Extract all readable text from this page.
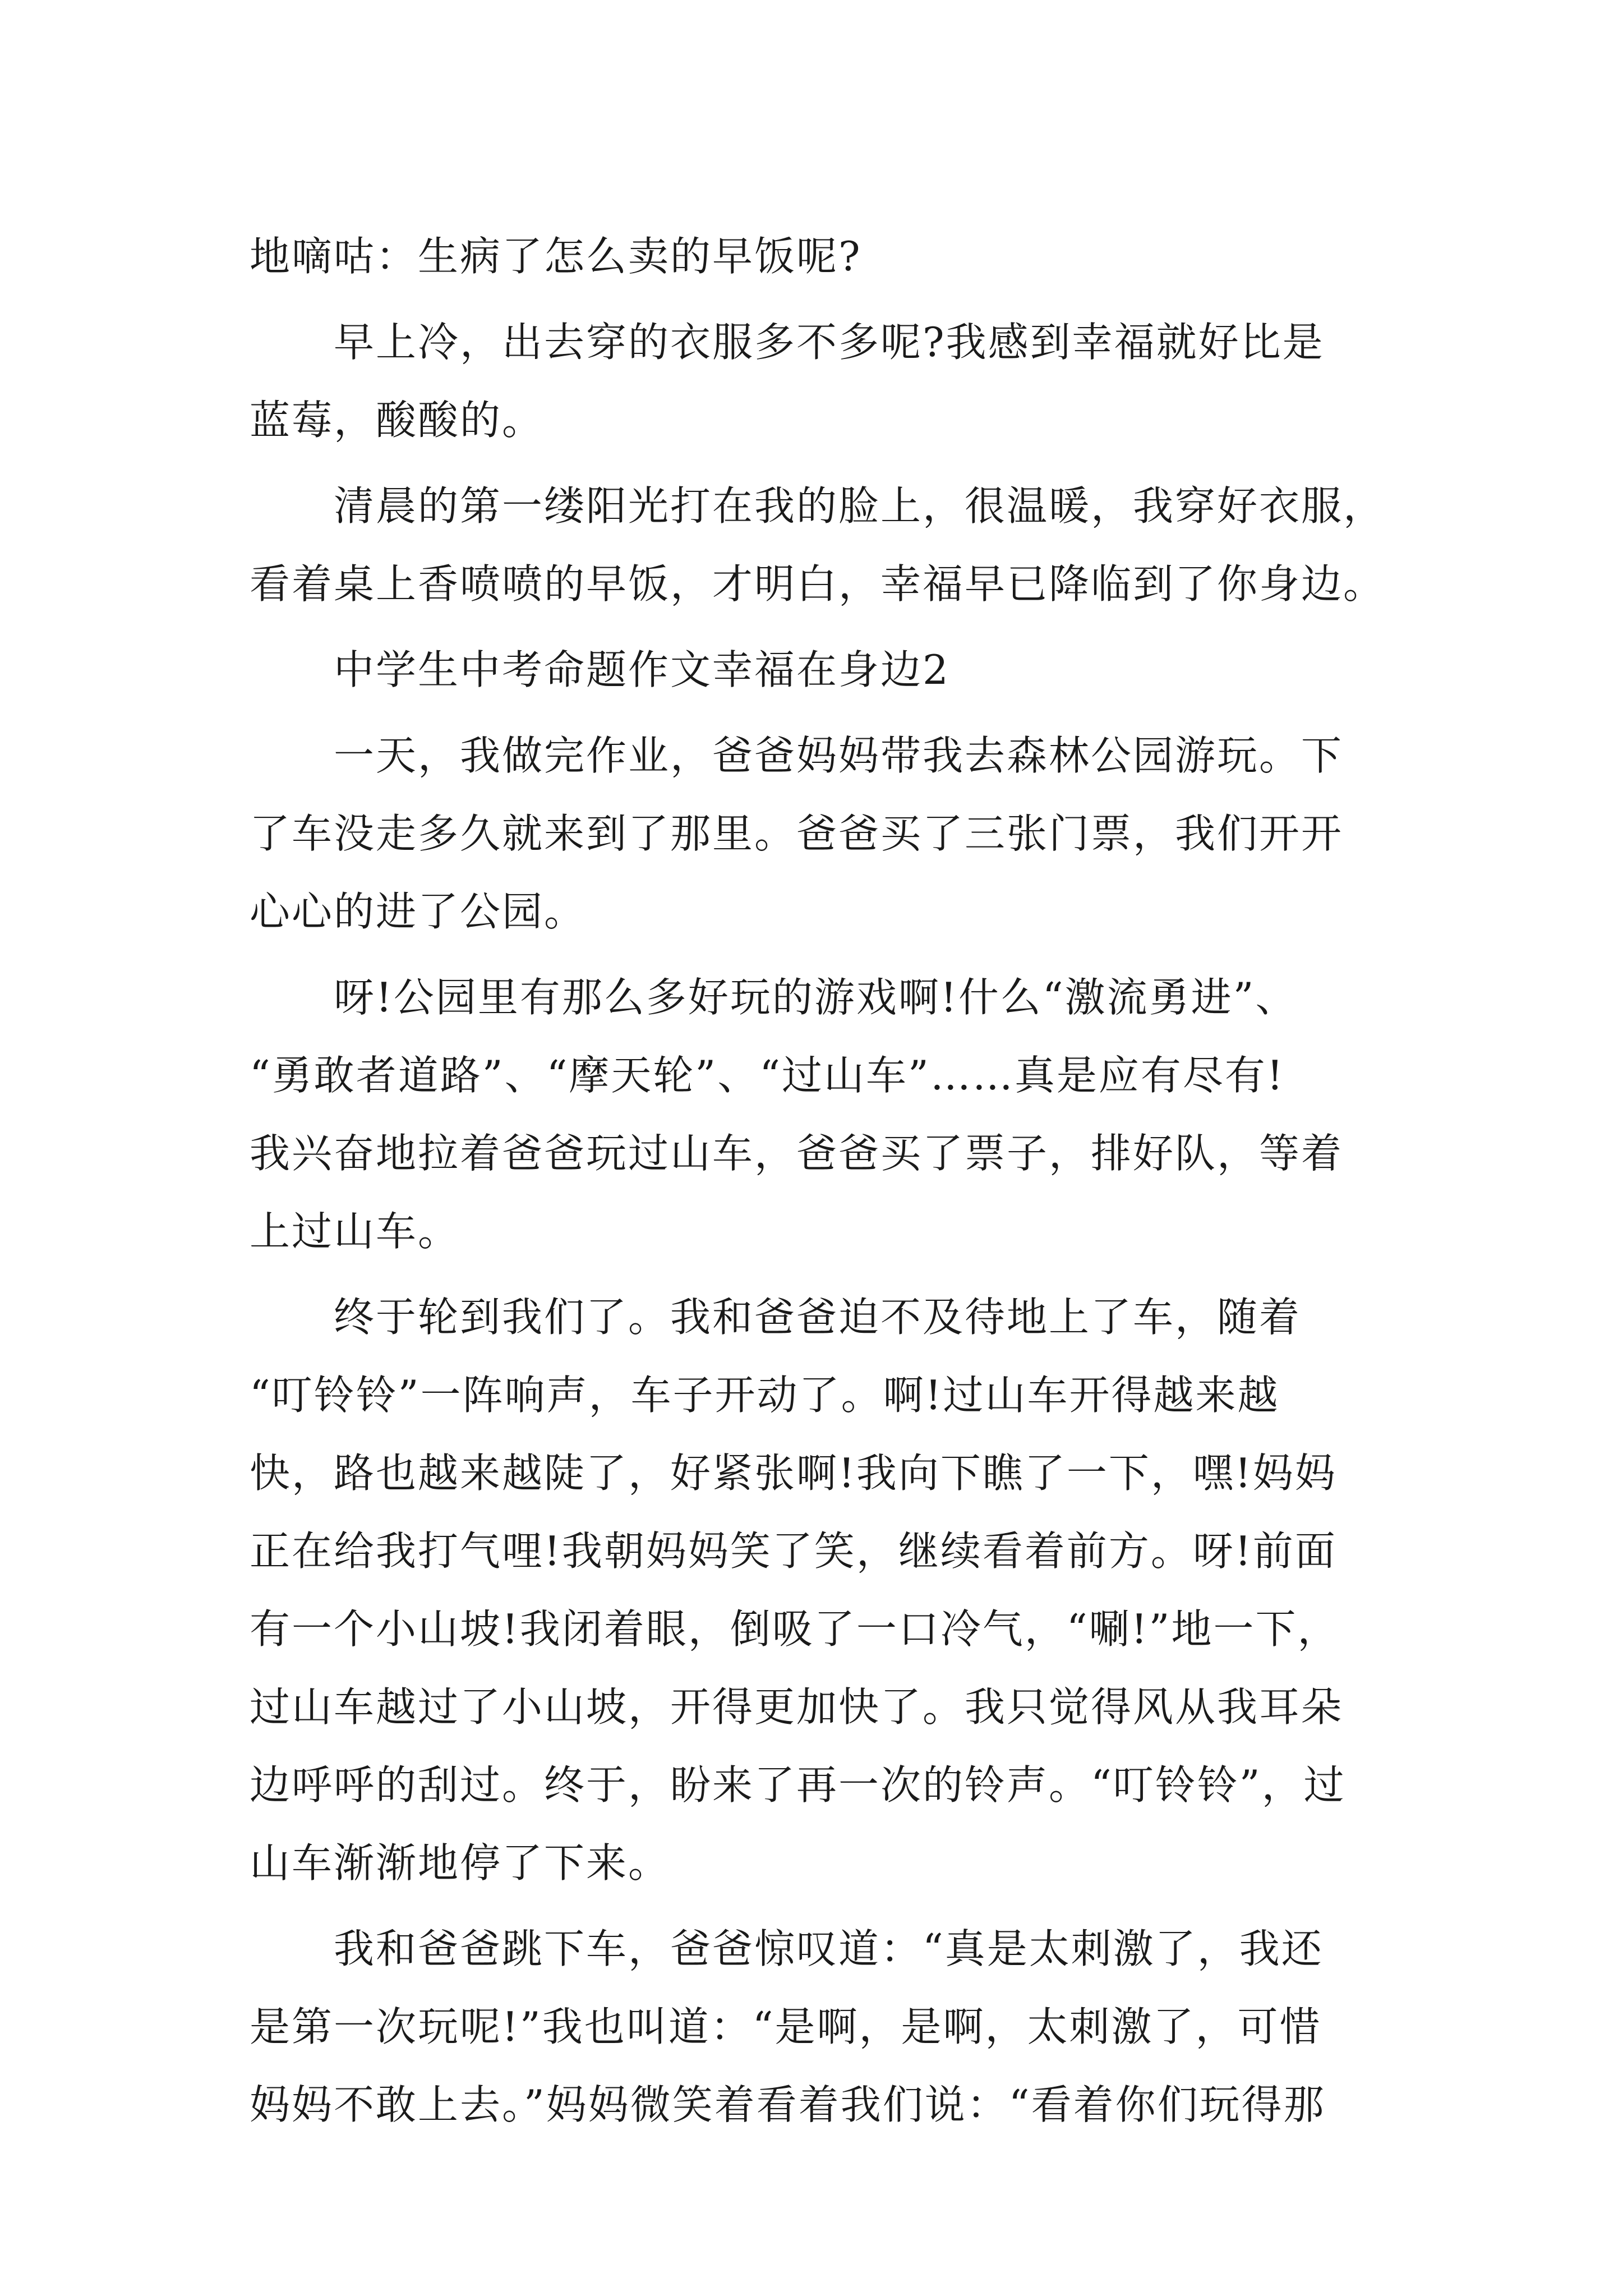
地嘀咕：生病了怎么卖的早饭呢?
早上冷，出去穿的衣服多不多呢?我感到幸福就好比是
蓝莓，酸酸的。
清晨的第一缕阳光打在我的脸上，很温暖，我穿好衣服，
看着桌上香喷喷的早饭，才明白，幸福早已降临到了你身边。
中学生中考命题作文幸福在身边2
一天，我做完作业，爸爸妈妈带我去森林公园游玩。下
了车没走多久就来到了那里。爸爸买了三张门票，我们开开
心心的进了公园。
呀!公园里有那么多好玩的游戏啊!什么“激流勇进”、
“勇敢者道路”、“摩天轮”、“过山车”……真是应有尽有!
我兴奋地拉着爸爸玩过山车，爸爸买了票子，排好队，等着
上过山车。
终于轮到我们了。我和爸爸迫不及待地上了车，随着
“叮铃铃”一阵响声，车子开动了。啊!过山车开得越来越
快，路也越来越陡了，好紧张啊!我向下瞧了一下，嘿!妈妈
正在给我打气哩!我朝妈妈笑了笑，继续看着前方。呀!前面
有一个小山坡!我闭着眼，倒吸了一口冷气，“唰!”地一下，
过山车越过了小山坡，开得更加快了。我只觉得风从我耳朵
边呼呼的刮过。终于，盼来了再一次的铃声。“叮铃铃”，过
山车渐渐地停了下来。
我和爸爸跳下车，爸爸惊叹道：“真是太刺激了，我还
是第一次玩呢!”我也叫道：“是啊，是啊，太刺激了，可惜
妈妈不敢上去。”妈妈微笑着看着我们说：“看着你们玩得那
